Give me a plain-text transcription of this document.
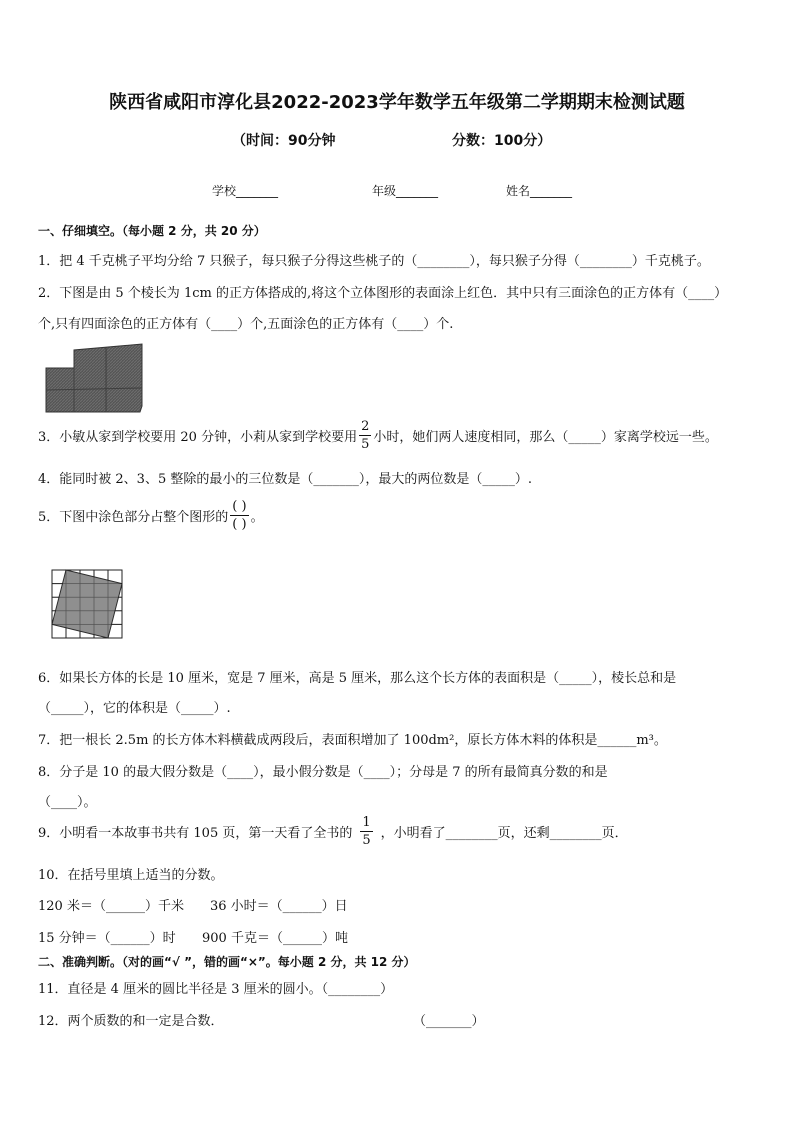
陕西省咸阳市淳化县2022-2023学年数学五年级第二学期期末检测试题
（时间：90分钟	分数：100分）
学校_______	年级_______	姓名_______
一、仔细填空。（每小题 2 分，共 20 分）
1．把 4 千克桃子平均分给 7 只猴子，每只猴子分得这些桃子的（________），每只猴子分得（________）千克桃子。
2．下图是由 5 个棱长为 1cm 的正方体搭成的,将这个立体图形的表面涂上红色．其中只有三面涂色的正方体有（____）
个,只有四面涂色的正方体有（____）个,五面涂色的正方体有（____）个.
3．小敏从家到学校要用 20 分钟，小莉从家到学校要用 $\frac{2}{5}$ 小时，她们两人速度相同，那么（_____）家离学校远一些。
4．能同时被 2、3、5 整除的最小的三位数是（_______），最大的两位数是（_____）.
5．下图中涂色部分占整个图形的 $\frac{( )}{( )}$ 。
6．如果长方体的长是 10 厘米，宽是 7 厘米，高是 5 厘米，那么这个长方体的表面积是（_____），棱长总和是
（_____），它的体积是（_____）.
7．把一根长 2.5m 的长方体木料横截成两段后，表面积增加了 100dm²，原长方体木料的体积是______m³。
8．分子是 10 的最大假分数是（____），最小假分数是（____）；分母是 7 的所有最简真分数的和是
（____）。
9．小明看一本故事书共有 105 页，第一天看了全书的 $\frac{1}{5}$ ，小明看了________页，还剩________页．
10．在括号里填上适当的分数。
120 米＝（______）千米 36 小时＝（______）日
15 分钟＝（______）时 900 千克＝（______）吨
二、准确判断。（对的画“√ ”，错的画“×”。每小题 2 分，共 12 分）
11．直径是 4 厘米的圆比半径是 3 厘米的圆小。（________）
12．两个质数的和一定是合数．	（_______）
